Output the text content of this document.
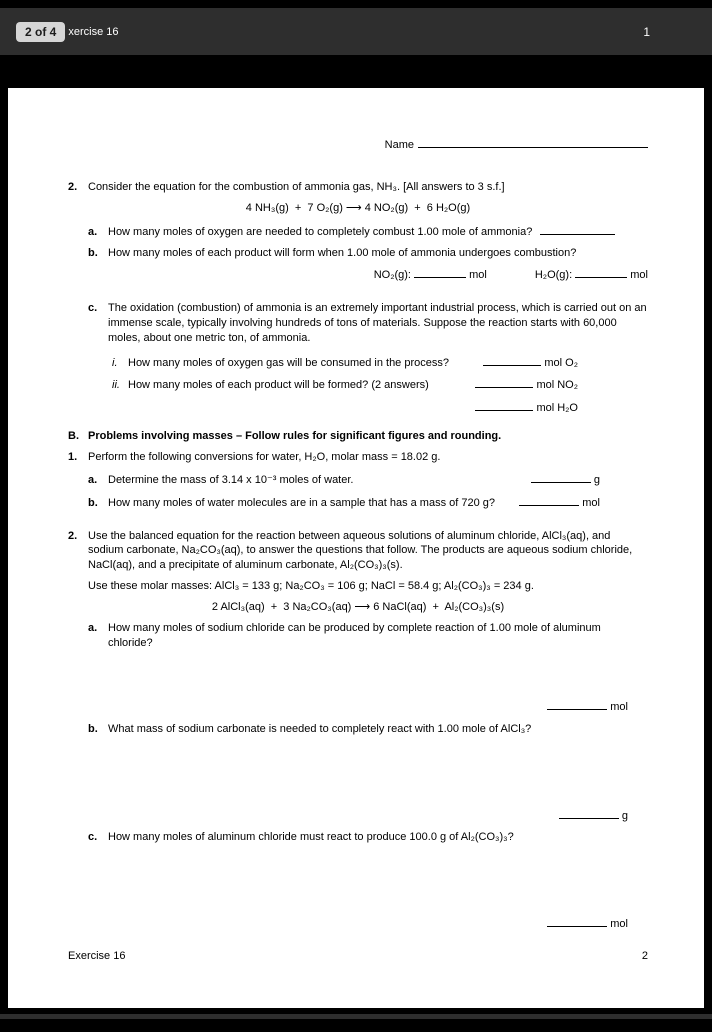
2 of 4	xercise 16	1
Name
2. Consider the equation for the combustion of ammonia gas, NH₃. [All answers to 3 s.f.]
4 NH₃(g)  +  7 O₂(g) ⟶ 4 NO₂(g)  +  6 H₂O(g)
a. How many moles of oxygen are needed to completely combust 1.00 mole of ammonia?
b. How many moles of each product will form when 1.00 mole of ammonia undergoes combustion?
NO₂(g):	mol	H₂O(g):	mol
c. The oxidation (combustion) of ammonia is an extremely important industrial process, which is carried out on an immense scale, typically involving hundreds of tons of materials. Suppose the reaction starts with 60,000 moles, about one metric ton, of ammonia.
i. How many moles of oxygen gas will be consumed in the process?	mol O₂
ii. How many moles of each product will be formed? (2 answers)	mol NO₂
mol H₂O
B. Problems involving masses – Follow rules for significant figures and rounding.
1. Perform the following conversions for water, H₂O, molar mass = 18.02 g.
a. Determine the mass of 3.14 x 10⁻³ moles of water.	g
b. How many moles of water molecules are in a sample that has a mass of 720 g?	mol
2. Use the balanced equation for the reaction between aqueous solutions of aluminum chloride, AlCl₃(aq), and sodium carbonate, Na₂CO₃(aq), to answer the questions that follow. The products are aqueous sodium chloride, NaCl(aq), and a precipitate of aluminum carbonate, Al₂(CO₃)₃(s).
Use these molar masses: AlCl₃ = 133 g; Na₂CO₃ = 106 g; NaCl = 58.4 g; Al₂(CO₃)₃ = 234 g.
2 AlCl₃(aq)  +  3 Na₂CO₃(aq) ⟶ 6 NaCl(aq)  +  Al₂(CO₃)₃(s)
a. How many moles of sodium chloride can be produced by complete reaction of 1.00 mole of aluminum chloride?
mol
b. What mass of sodium carbonate is needed to completely react with 1.00 mole of AlCl₃?
g
c. How many moles of aluminum chloride must react to produce 100.0 g of Al₂(CO₃)₃?
mol
Exercise 16	2
